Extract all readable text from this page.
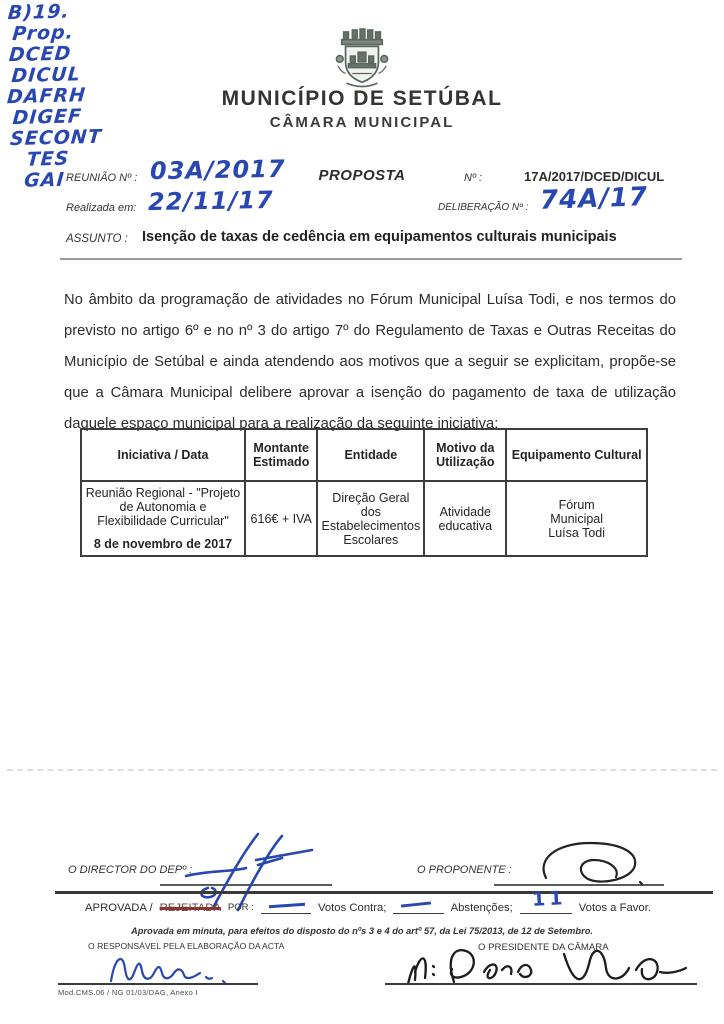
B)19.
Prop.
DCED
DICUL
DAFRH
DIGEF
SECONT
TES
GAI
MUNICÍPIO DE SETÚBAL
CÂMARA MUNICIPAL
REUNIÃO Nº : 03A/2017	PROPOSTA	Nº :	17A/2017/DCED/DICUL
Realizada em: 22/11/17	DELIBERAÇÃO Nº : 74A/17
ASSUNTO : Isenção de taxas de cedência em equipamentos culturais municipais
No âmbito da programação de atividades no Fórum Municipal Luísa Todi, e nos termos do previsto no artigo 6º e no nº 3 do artigo 7º do Regulamento de Taxas e Outras Receitas do Município de Setúbal e ainda atendendo aos motivos que a seguir se explicitam, propõe-se que a Câmara Municipal delibere aprovar a isenção do pagamento de taxa de utilização daquele espaço municipal para a realização da seguinte iniciativa:
Iniciativa / Data	Montante Estimado	Entidade	Motivo da Utilização	Equipamento Cultural
Reunião Regional - "Projeto de Autonomia e Flexibilidade Curricular"
8 de novembro de 2017	616€ + IVA	Direção Geral dos Estabelecimentos Escolares	Atividade educativa	Fórum Municipal Luísa Todi
O DIRECTOR DO DEPº :	O PROPONENTE :
APROVADA / REJEITADA POR :	Votos Contra;	Abstenções; 11 Votos a Favor.
Aprovada em minuta, para efeitos do disposto do nºs 3 e 4 do artº 57, da Lei 75/2013, de 12 de Setembro.
O RESPONSÁVEL PELA ELABORAÇÃO DA ACTA	O PRESIDENTE DA CÂMARA
Mod.CMS.06 / NG 01/03/DAG, Anexo I
